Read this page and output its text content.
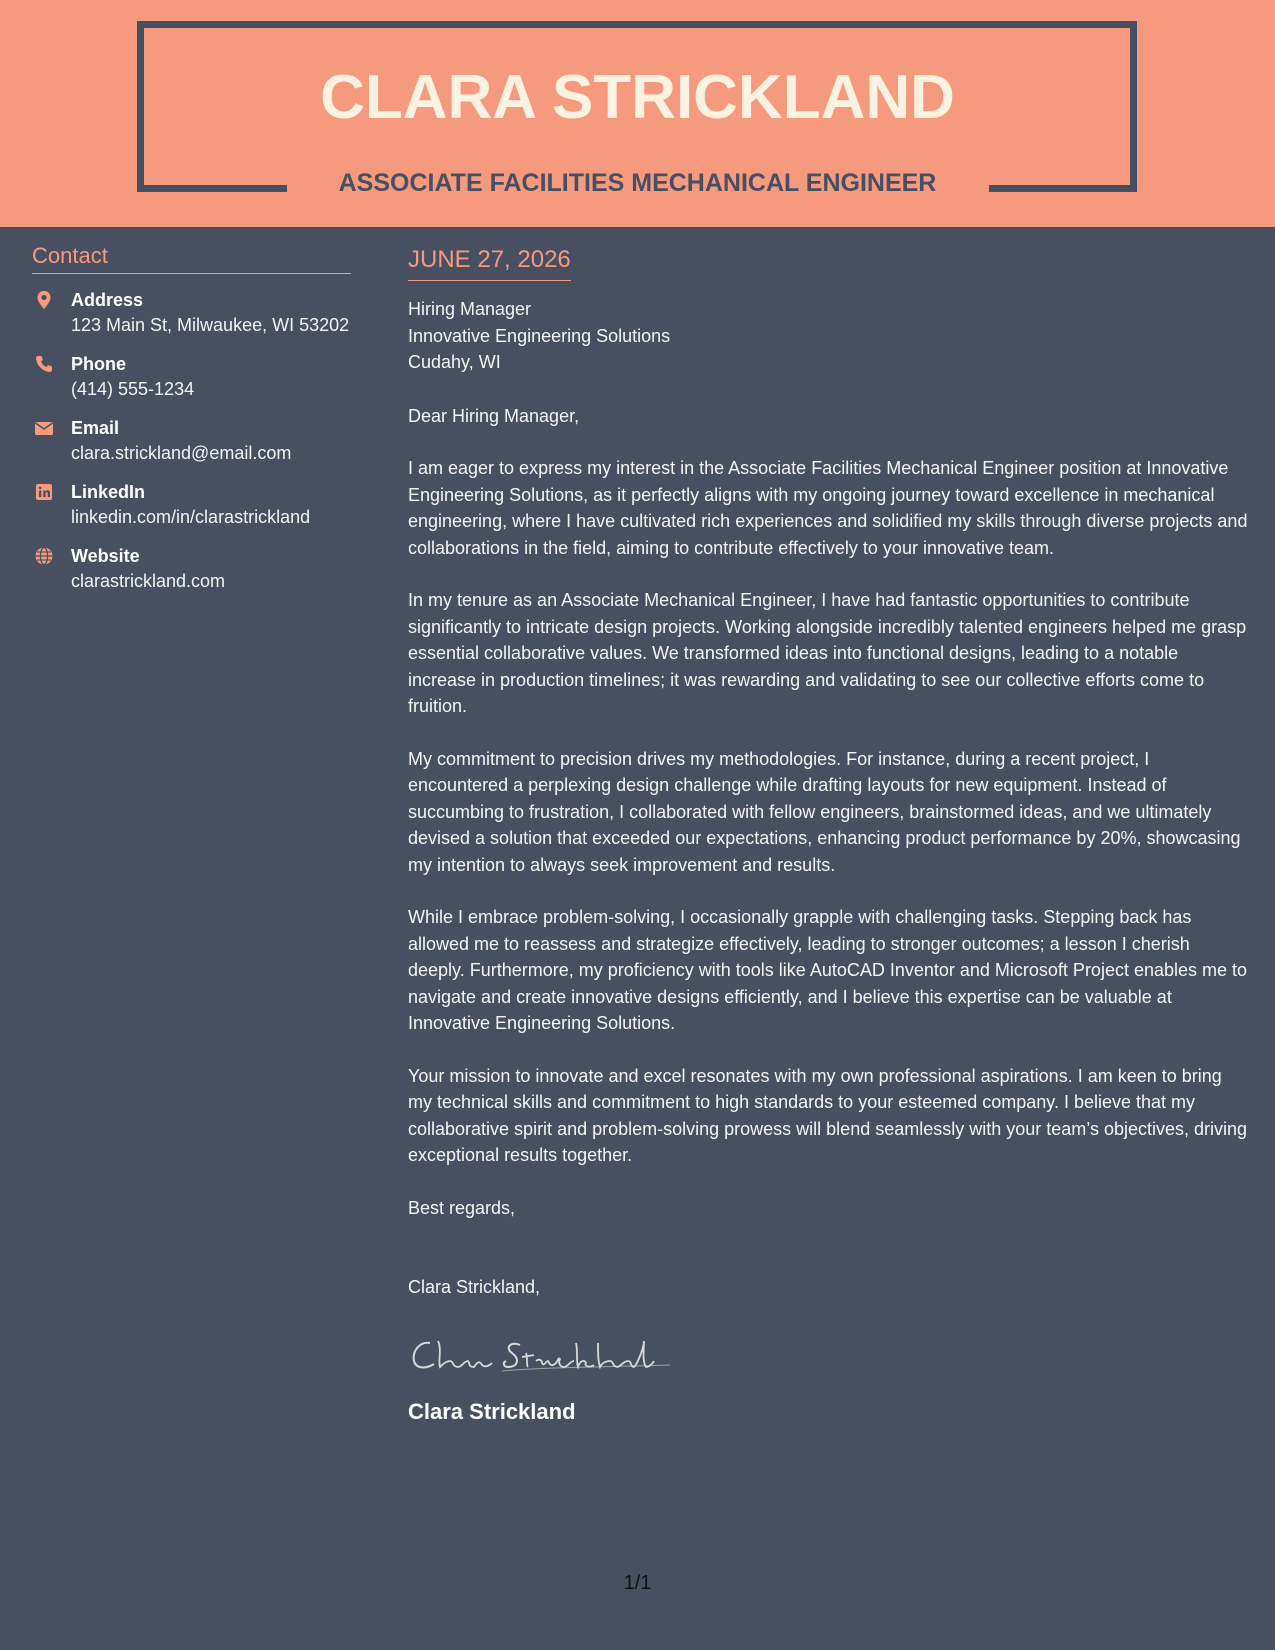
CLARA STRICKLAND
ASSOCIATE FACILITIES MECHANICAL ENGINEER
Contact
Address
123 Main St, Milwaukee, WI 53202
Phone
(414) 555-1234
Email
clara.strickland@email.com
LinkedIn
linkedin.com/in/clarastrickland
Website
clarastrickland.com
JUNE 27, 2026
Hiring Manager
Innovative Engineering Solutions
Cudahy, WI
Dear Hiring Manager,
I am eager to express my interest in the Associate Facilities Mechanical Engineer position at Innovative Engineering Solutions, as it perfectly aligns with my ongoing journey toward excellence in mechanical engineering, where I have cultivated rich experiences and solidified my skills through diverse projects and collaborations in the field, aiming to contribute effectively to your innovative team.
In my tenure as an Associate Mechanical Engineer, I have had fantastic opportunities to contribute significantly to intricate design projects. Working alongside incredibly talented engineers helped me grasp essential collaborative values. We transformed ideas into functional designs, leading to a notable increase in production timelines; it was rewarding and validating to see our collective efforts come to fruition.
My commitment to precision drives my methodologies. For instance, during a recent project, I encountered a perplexing design challenge while drafting layouts for new equipment. Instead of succumbing to frustration, I collaborated with fellow engineers, brainstormed ideas, and we ultimately devised a solution that exceeded our expectations, enhancing product performance by 20%, showcasing my intention to always seek improvement and results.
While I embrace problem-solving, I occasionally grapple with challenging tasks. Stepping back has allowed me to reassess and strategize effectively, leading to stronger outcomes; a lesson I cherish deeply. Furthermore, my proficiency with tools like AutoCAD Inventor and Microsoft Project enables me to navigate and create innovative designs efficiently, and I believe this expertise can be valuable at Innovative Engineering Solutions.
Your mission to innovate and excel resonates with my own professional aspirations. I am keen to bring my technical skills and commitment to high standards to your esteemed company. I believe that my collaborative spirit and problem-solving prowess will blend seamlessly with your team’s objectives, driving exceptional results together.
Best regards,
Clara Strickland,
Clara Strickland
1/1
